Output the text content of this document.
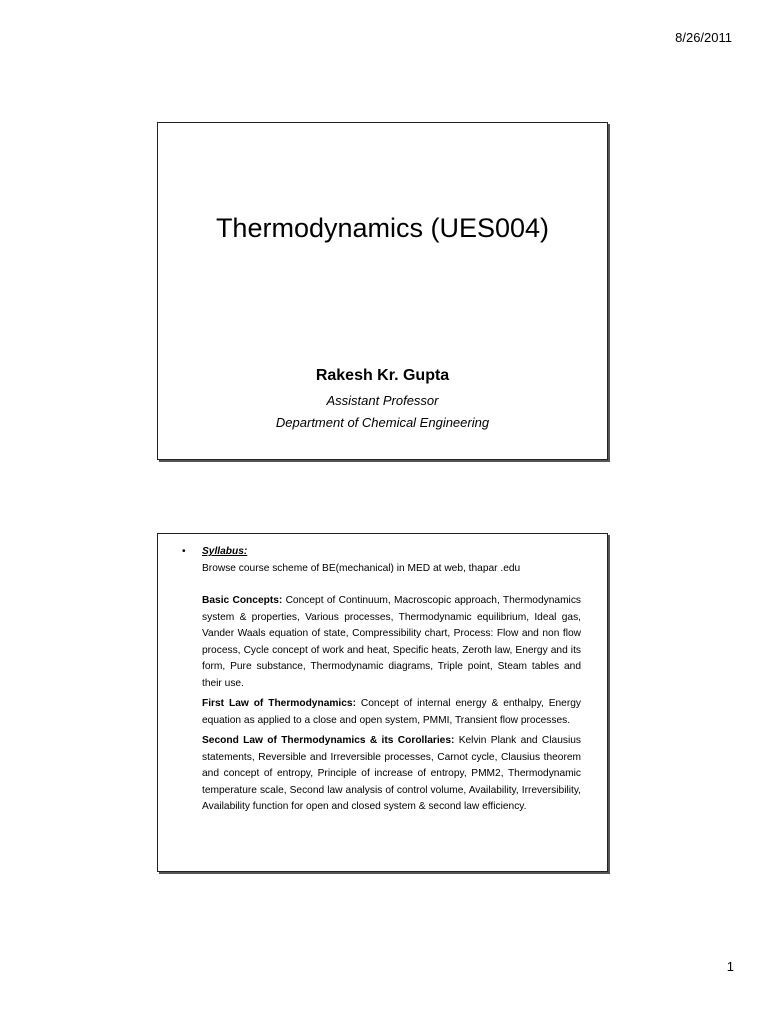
8/26/2011
Thermodynamics (UES004)
Rakesh Kr. Gupta
Assistant Professor
Department of Chemical Engineering
•	Syllabus:
Browse course scheme of BE(mechanical) in MED at web, thapar .edu
Basic Concepts: Concept of Continuum, Macroscopic approach, Thermodynamics system & properties, Various processes, Thermodynamic equilibrium, Ideal gas, Vander Waals equation of state, Compressibility chart, Process: Flow and non flow process, Cycle concept of work and heat, Specific heats, Zeroth law, Energy and its form, Pure substance, Thermodynamic diagrams, Triple point, Steam tables and their use.
First Law of Thermodynamics: Concept of internal energy & enthalpy, Energy equation as applied to a close and open system, PMMI, Transient flow processes.
Second Law of Thermodynamics & its Corollaries: Kelvin Plank and Clausius statements, Reversible and Irreversible processes, Carnot cycle, Clausius theorem and concept of entropy, Principle of increase of entropy, PMM2, Thermodynamic temperature scale, Second law analysis of control volume, Availability, Irreversibility, Availability function for open and closed system & second law efficiency.
1
